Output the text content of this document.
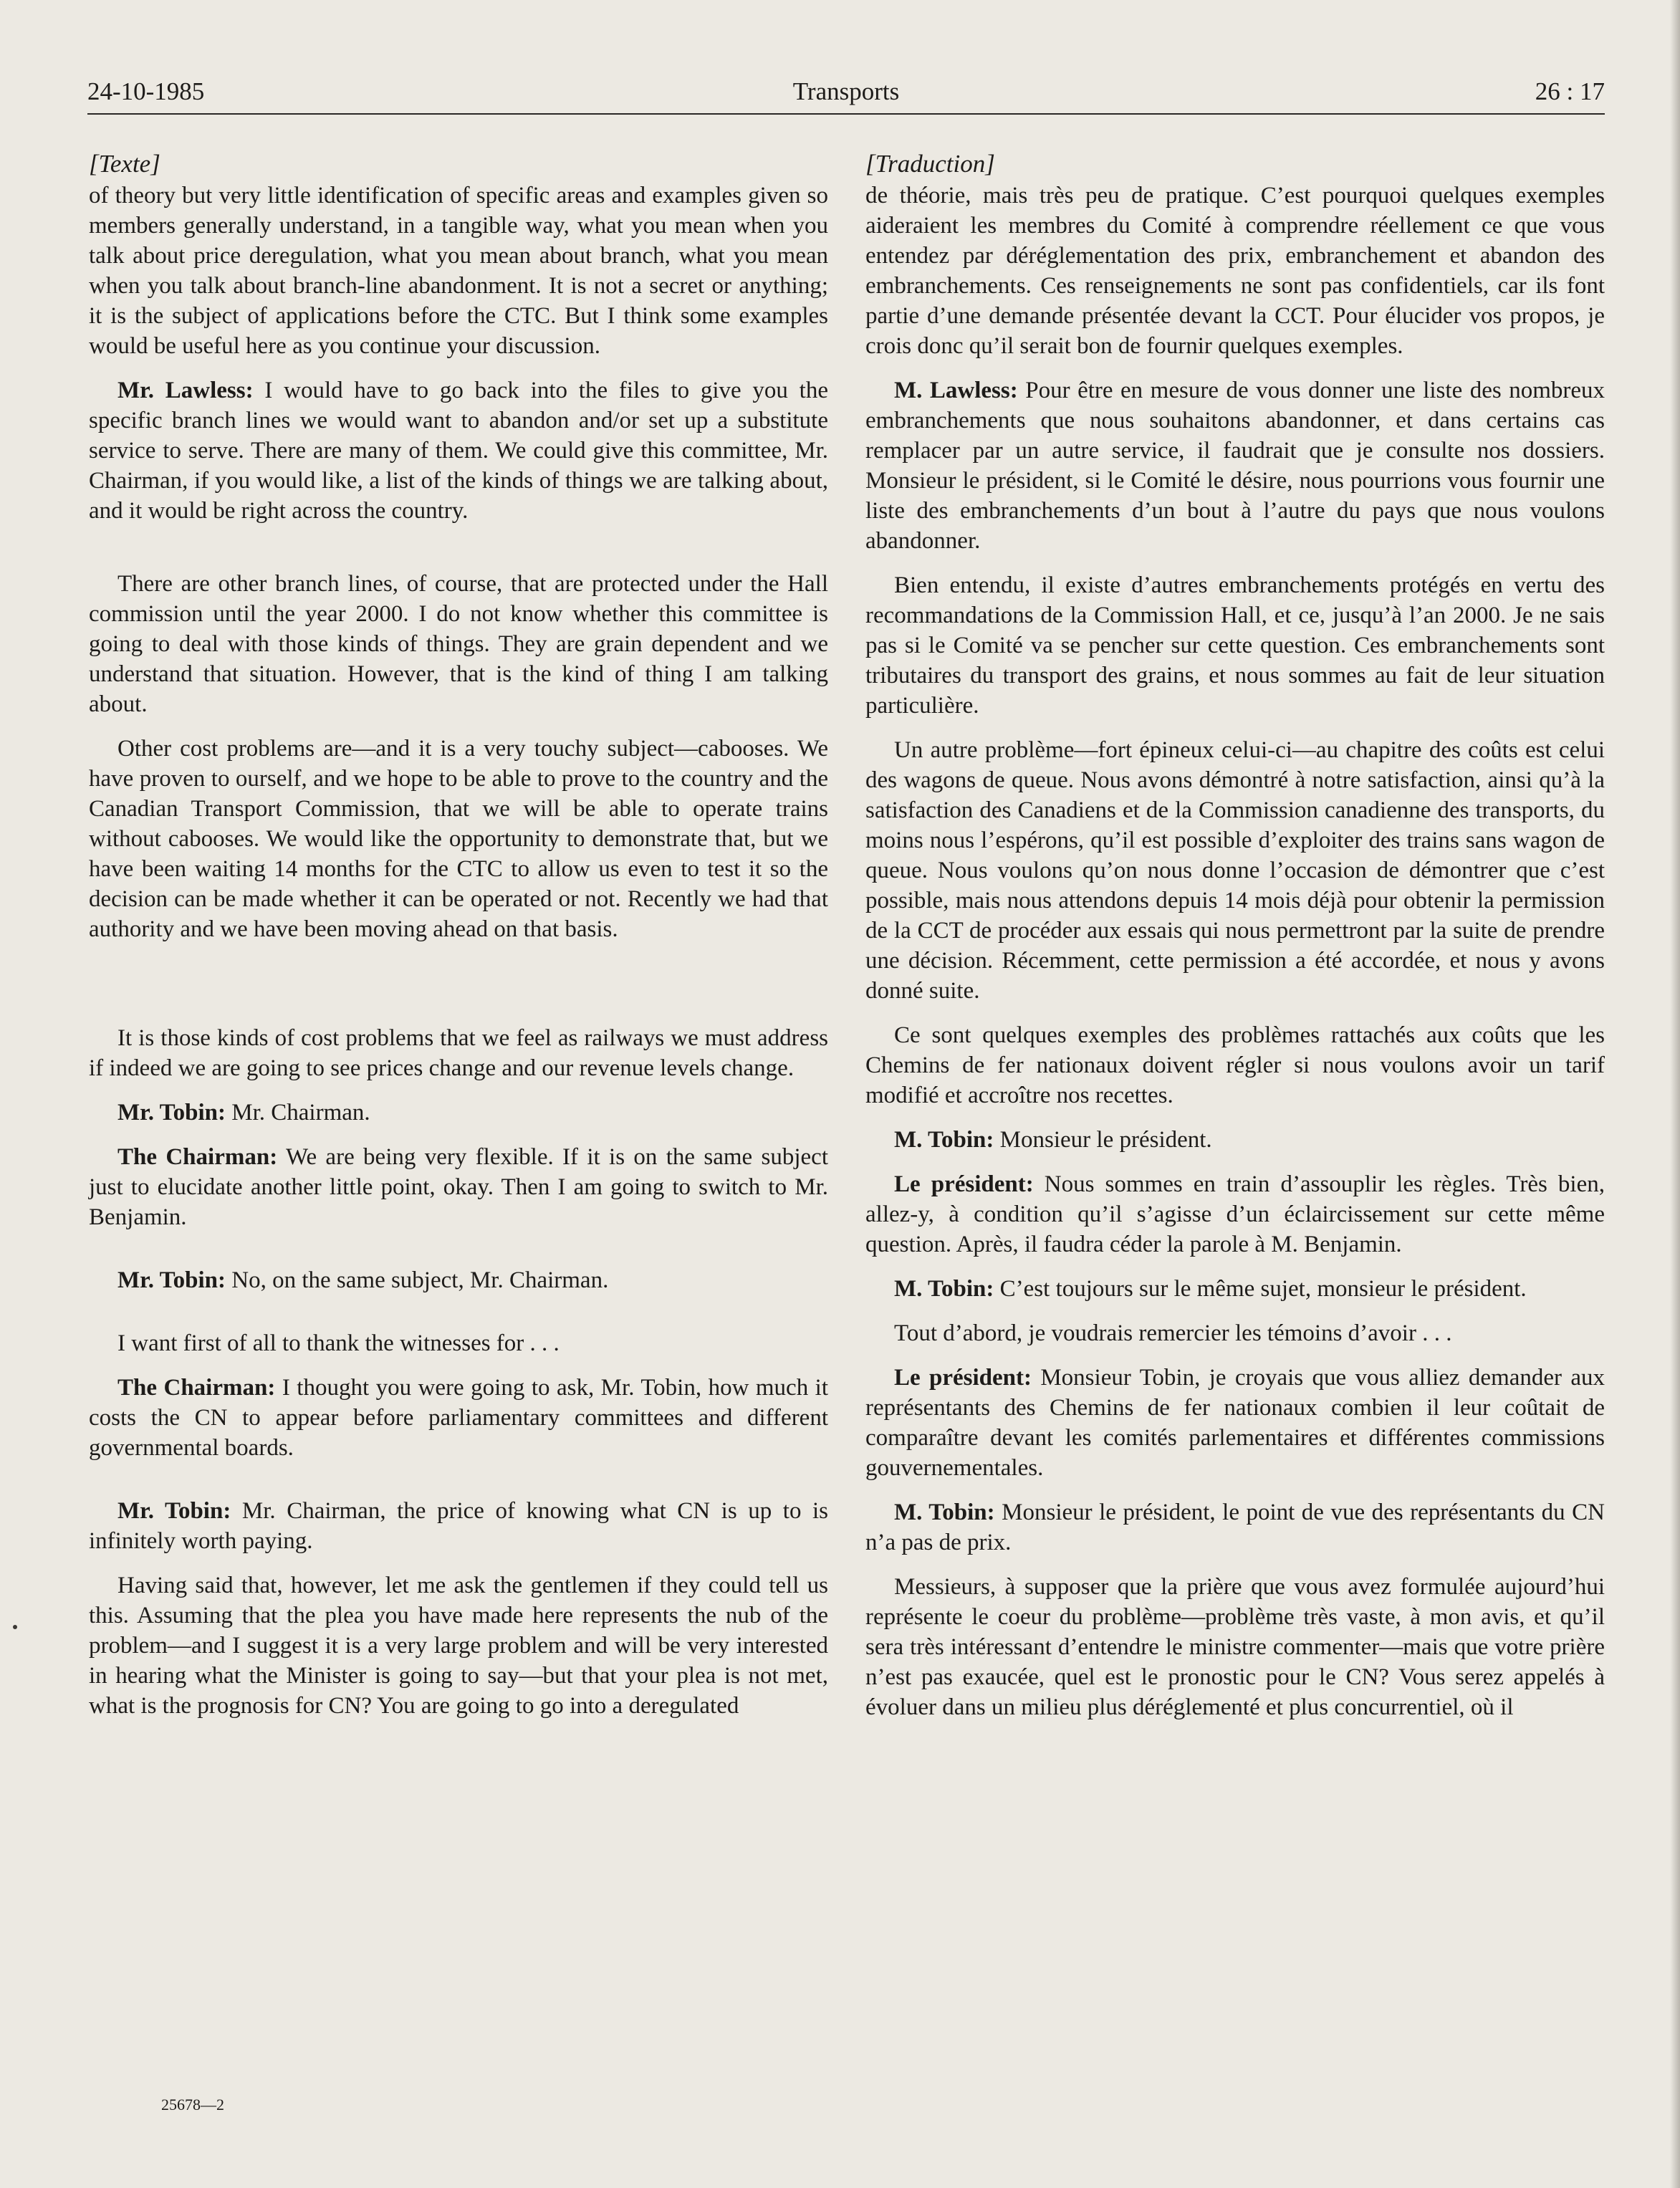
24-10-1985	Transports	26 : 17
[Texte]

of theory but very little identification of specific areas and examples given so members generally understand, in a tangible way, what you mean when you talk about price deregulation, what you mean about branch, what you mean when you talk about branch-line abandonment. It is not a secret or anything; it is the subject of applications before the CTC. But I think some examples would be useful here as you continue your discussion.

Mr. Lawless: I would have to go back into the files to give you the specific branch lines we would want to abandon and/or set up a substitute service to serve. There are many of them. We could give this committee, Mr. Chairman, if you would like, a list of the kinds of things we are talking about, and it would be right across the country.

There are other branch lines, of course, that are protected under the Hall commission until the year 2000. I do not know whether this committee is going to deal with those kinds of things. They are grain dependent and we understand that situation. However, that is the kind of thing I am talking about.

Other cost problems are—and it is a very touchy subject—cabooses. We have proven to ourself, and we hope to be able to prove to the country and the Canadian Transport Commission, that we will be able to operate trains without cabooses. We would like the opportunity to demonstrate that, but we have been waiting 14 months for the CTC to allow us even to test it so the decision can be made whether it can be operated or not. Recently we had that authority and we have been moving ahead on that basis.

It is those kinds of cost problems that we feel as railways we must address if indeed we are going to see prices change and our revenue levels change.

Mr. Tobin: Mr. Chairman.

The Chairman: We are being very flexible. If it is on the same subject just to elucidate another little point, okay. Then I am going to switch to Mr. Benjamin.

Mr. Tobin: No, on the same subject, Mr. Chairman.

I want first of all to thank the witnesses for . . .

The Chairman: I thought you were going to ask, Mr. Tobin, how much it costs the CN to appear before parliamentary committees and different governmental boards.

Mr. Tobin: Mr. Chairman, the price of knowing what CN is up to is infinitely worth paying.

Having said that, however, let me ask the gentlemen if they could tell us this. Assuming that the plea you have made here represents the nub of the problem—and I suggest it is a very large problem and will be very interested in hearing what the Minister is going to say—but that your plea is not met, what is the prognosis for CN? You are going to go into a deregulated

[Traduction]

de théorie, mais très peu de pratique. C’est pourquoi quelques exemples aideraient les membres du Comité à comprendre réellement ce que vous entendez par déréglementation des prix, embranchement et abandon des embranchements. Ces renseignements ne sont pas confidentiels, car ils font partie d’une demande présentée devant la CCT. Pour élucider vos propos, je crois donc qu’il serait bon de fournir quelques exemples.

M. Lawless: Pour être en mesure de vous donner une liste des nombreux embranchements que nous souhaitons abandonner, et dans certains cas remplacer par un autre service, il faudrait que je consulte nos dossiers. Monsieur le président, si le Comité le désire, nous pourrions vous fournir une liste des embranchements d’un bout à l’autre du pays que nous voulons abandonner.

Bien entendu, il existe d’autres embranchements protégés en vertu des recommandations de la Commission Hall, et ce, jusqu’à l’an 2000. Je ne sais pas si le Comité va se pencher sur cette question. Ces embranchements sont tributaires du transport des grains, et nous sommes au fait de leur situation particulière.

Un autre problème—fort épineux celui-ci—au chapitre des coûts est celui des wagons de queue. Nous avons démontré à notre satisfaction, ainsi qu’à la satisfaction des Canadiens et de la Commission canadienne des transports, du moins nous l’espérons, qu’il est possible d’exploiter des trains sans wagon de queue. Nous voulons qu’on nous donne l’occasion de démontrer que c’est possible, mais nous attendons depuis 14 mois déjà pour obtenir la permission de la CCT de procéder aux essais qui nous permettront par la suite de prendre une décision. Récemment, cette permission a été accordée, et nous y avons donné suite.

Ce sont quelques exemples des problèmes rattachés aux coûts que les Chemins de fer nationaux doivent régler si nous voulons avoir un tarif modifié et accroître nos recettes.

M. Tobin: Monsieur le président.

Le président: Nous sommes en train d’assouplir les règles. Très bien, allez-y, à condition qu’il s’agisse d’un éclaircissement sur cette même question. Après, il faudra céder la parole à M. Benjamin.

M. Tobin: C’est toujours sur le même sujet, monsieur le président.

Tout d’abord, je voudrais remercier les témoins d’avoir . . .

Le président: Monsieur Tobin, je croyais que vous alliez demander aux représentants des Chemins de fer nationaux combien il leur coûtait de comparaître devant les comités parlementaires et différentes commissions gouvernementales.

M. Tobin: Monsieur le président, le point de vue des représentants du CN n’a pas de prix.

Messieurs, à supposer que la prière que vous avez formulée aujourd’hui représente le coeur du problème—problème très vaste, à mon avis, et qu’il sera très intéressant d’entendre le ministre commenter—mais que votre prière n’est pas exaucée, quel est le pronostic pour le CN? Vous serez appelés à évoluer dans un milieu plus déréglementé et plus concurrentiel, où il

25678—2
